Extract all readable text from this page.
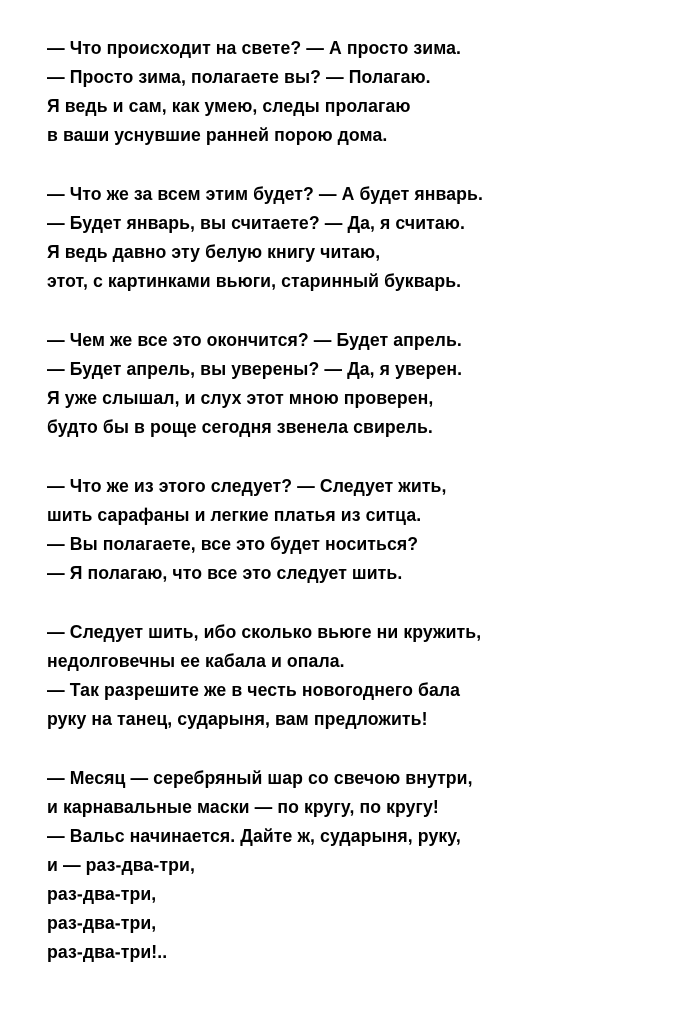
— Что происходит на свете? — А просто зима.
— Просто зима, полагаете вы? — Полагаю.
Я ведь и сам, как умею, следы пролагаю
в ваши уснувшие ранней порою дома.
— Что же за всем этим будет? — А будет январь.
— Будет январь, вы считаете? — Да, я считаю.
Я ведь давно эту белую книгу читаю,
этот, с картинками вьюги, старинный букварь.
— Чем же все это окончится? — Будет апрель.
— Будет апрель, вы уверены? — Да, я уверен.
Я уже слышал, и слух этот мною проверен,
будто бы в роще сегодня звенела свирель.
— Что же из этого следует? — Следует жить,
шить сарафаны и легкие платья из ситца.
— Вы полагаете, все это будет носиться?
— Я полагаю, что все это следует шить.
— Следует шить, ибо сколько вьюге ни кружить,
недолговечны ее кабала и опала.
— Так разрешите же в честь новогоднего бала
руку на танец, сударыня, вам предложить!
— Месяц — серебряный шар со свечою внутри,
и карнавальные маски — по кругу, по кругу!
— Вальс начинается. Дайте ж, сударыня, руку,
и — раз-два-три,
раз-два-три,
раз-два-три,
раз-два-три!..
